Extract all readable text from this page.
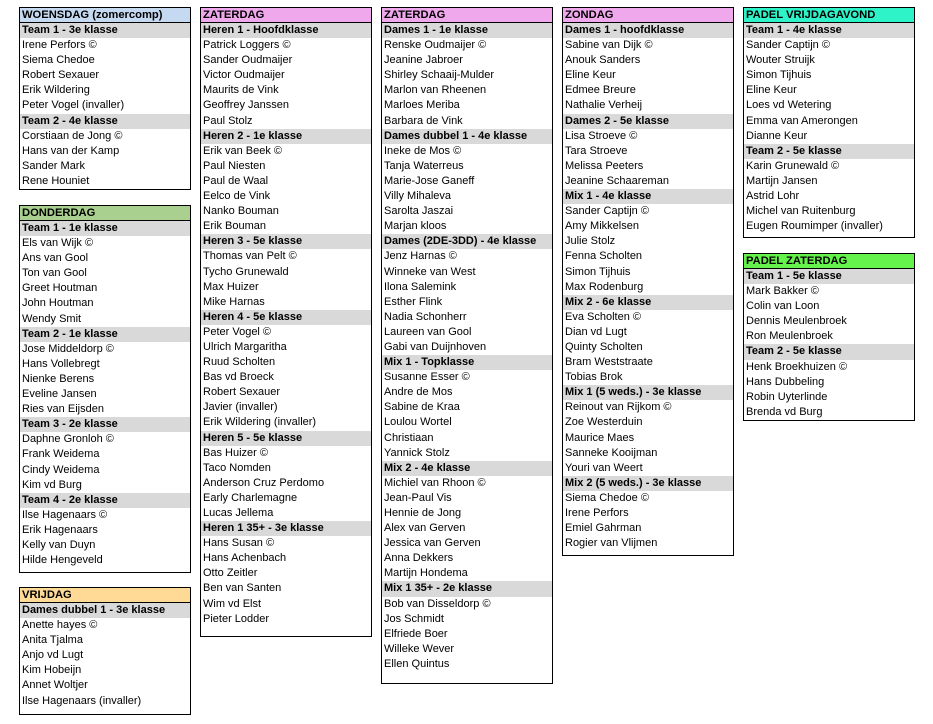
WOENSDAG (zomercomp)
Team 1 - 3e klasse
Irene Perfors ©
Siema Chedoe
Robert Sexauer
Erik Wildering
Peter Vogel (invaller)
Team 2 - 4e klasse
Corstiaan de Jong ©
Hans van der Kamp
Sander Mark
Rene Houniet
DONDERDAG
Team 1 - 1e klasse
Els van Wijk ©
Ans van Gool
Ton van Gool
Greet Houtman
John Houtman
Wendy Smit
Team 2 - 1e klasse
Jose Middeldorp ©
Hans Vollebregt
Nienke Berens
Eveline Jansen
Ries van Eijsden
Team 3 - 2e klasse
Daphne Gronloh ©
Frank Weidema
Cindy Weidema
Kim vd Burg
Team 4 - 2e klasse
Ilse Hagenaars ©
Erik Hagenaars
Kelly van Duyn
Hilde Hengeveld
VRIJDAG
Dames dubbel 1 - 3e klasse
Anette hayes ©
Anita Tjalma
Anjo vd Lugt
Kim Hobeijn
Annet Woltjer
Ilse Hagenaars (invaller)
ZATERDAG
Heren 1 - Hoofdklasse
Patrick Loggers ©
Sander Oudmaijer
Victor Oudmaijer
Maurits de Vink
Geoffrey Janssen
Paul Stolz
Heren 2 - 1e klasse
Erik van Beek ©
Paul Niesten
Paul de Waal
Eelco de Vink
Nanko Bouman
Erik Bouman
Heren 3 - 5e klasse
Thomas van Pelt ©
Tycho Grunewald
Max Huizer
Mike Harnas
Heren 4 - 5e klasse
Peter Vogel ©
Ulrich Margaritha
Ruud Scholten
Bas vd Broeck
Robert Sexauer
Javier (invaller)
Erik Wildering (invaller)
Heren 5 - 5e klasse
Bas Huizer ©
Taco Nomden
Anderson Cruz Perdomo
Early Charlemagne
Lucas Jellema
Heren 1 35+ - 3e klasse
Hans Susan ©
Hans Achenbach
Otto Zeitler
Ben van Santen
Wim vd Elst
Pieter Lodder
ZATERDAG
Dames 1 - 1e klasse
Renske Oudmaijer ©
Jeanine Jabroer
Shirley Schaaij-Mulder
Marlon van Rheenen
Marloes Meriba
Barbara de Vink
Dames dubbel 1 - 4e klasse
Ineke de Mos ©
Tanja Waterreus
Marie-Jose Ganeff
Villy Mihaleva
Sarolta Jaszai
Marjan kloos
Dames (2DE-3DD) - 4e klasse
Jenz Harnas ©
Winneke van West
Ilona Salemink
Esther Flink
Nadia Schonherr
Laureen van Gool
Gabi van Duijnhoven
Mix 1 - Topklasse
Susanne Esser ©
Andre de Mos
Sabine de Kraa
Loulou Wortel
Christiaan
Yannick Stolz
Mix 2 - 4e klasse
Michiel van Rhoon ©
Jean-Paul Vis
Hennie de Jong
Alex van Gerven
Jessica van Gerven
Anna Dekkers
Martijn Hondema
Mix 1 35+ - 2e klasse
Bob van Disseldorp ©
Jos Schmidt
Elfriede Boer
Willeke Wever
Ellen Quintus
ZONDAG
Dames 1 - hoofdklasse
Sabine van Dijk ©
Anouk Sanders
Eline Keur
Edmee Breure
Nathalie Verheij
Dames 2 - 5e klasse
Lisa Stroeve ©
Tara Stroeve
Melissa Peeters
Jeanine Schaareman
Mix 1 - 4e klasse
Sander Captijn ©
Amy Mikkelsen
Julie Stolz
Fenna Scholten
Simon Tijhuis
Max Rodenburg
Mix 2 - 6e klasse
Eva Scholten ©
Dian vd Lugt
Quinty Scholten
Bram Weststraate
Tobias Brok
Mix 1 (5 weds.) - 3e klasse
Reinout van Rijkom ©
Zoe Westerduin
Maurice Maes
Sanneke Kooijman
Youri van Weert
Mix 2 (5 weds.) - 3e klasse
Siema Chedoe ©
Irene Perfors
Emiel Gahrman
Rogier van Vlijmen
PADEL VRIJDAGAVOND
Team 1 - 4e klasse
Sander Captijn ©
Wouter Struijk
Simon Tijhuis
Eline Keur
Loes vd Wetering
Emma van Amerongen
Dianne Keur
Team 2 - 5e klasse
Karin Grunewald ©
Martijn Jansen
Astrid Lohr
Michel van Ruitenburg
Eugen Roumimper (invaller)
PADEL ZATERDAG
Team 1 - 5e klasse
Mark Bakker ©
Colin van Loon
Dennis Meulenbroek
Ron Meulenbroek
Team 2 - 5e klasse
Henk Broekhuizen ©
Hans Dubbeling
Robin Uyterlinde
Brenda vd Burg
